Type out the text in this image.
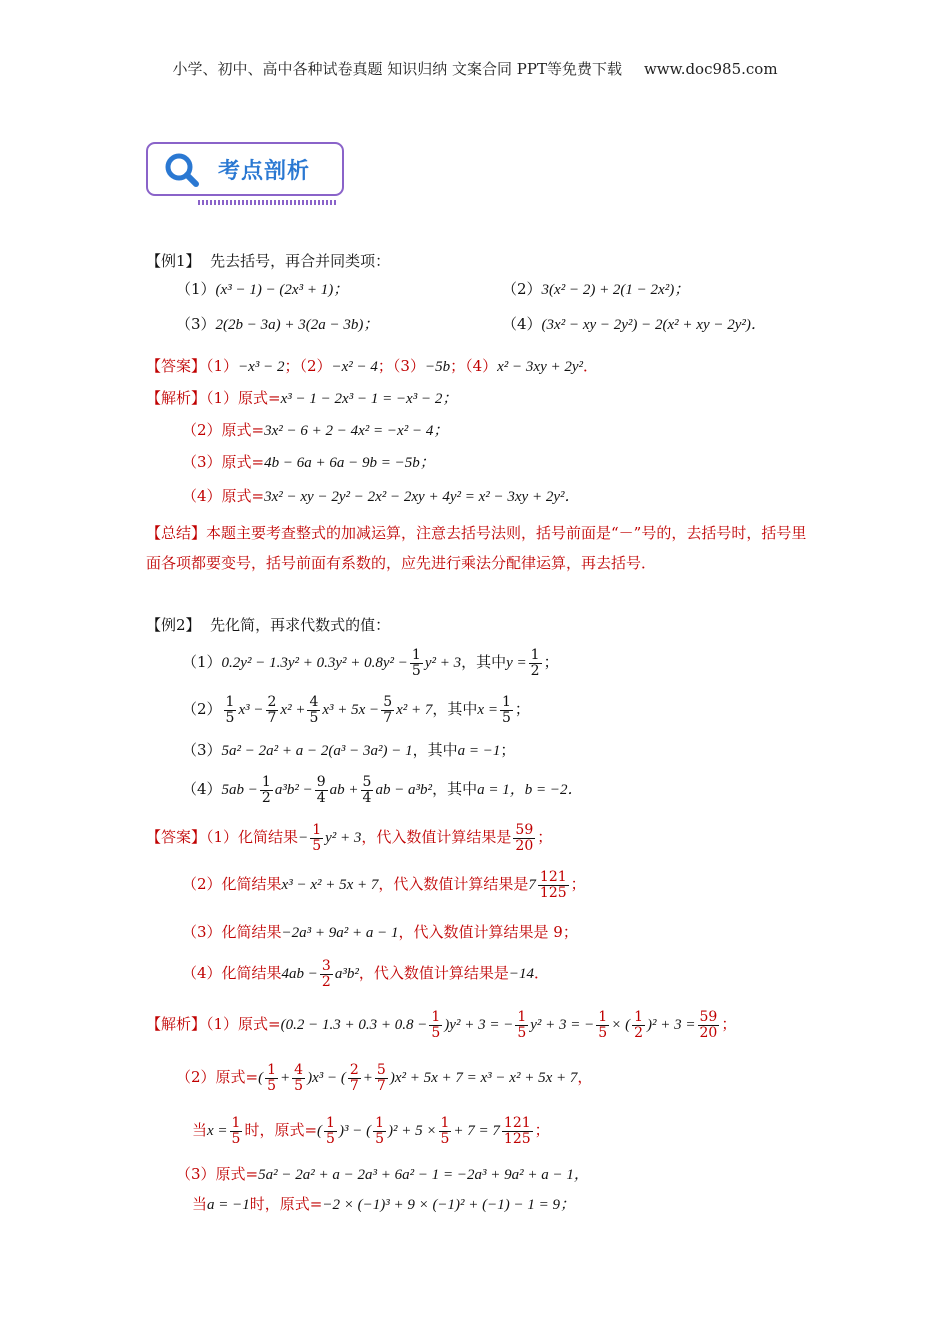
小学、初中、高中各种试卷真题 知识归纳 文案合同 PPT等免费下载 www.doc985.com
考点剖析
【例1】 先去括号，再合并同类项：
（1）(x³ − 1) − (2x³ + 1)；	（2）3(x² − 2) + 2(1 − 2x²)；
（3）2(2b − 3a) + 3(2a − 3b)；	（4）(3x² − xy − 2y²) − 2(x² + xy − 2y²)．
【答案】（1）−x³ − 2；（2）−x² − 4；（3）−5b；（4）x² − 3xy + 2y²．
【解析】（1）原式=x³ − 1 − 2x³ − 1 = −x³ − 2；
（2）原式=3x² − 6 + 2 − 4x² = −x² − 4；
（3）原式=4b − 6a + 6a − 9b = −5b；
（4）原式=3x² − xy − 2y² − 2x² − 2xy + 4y² = x² − 3xy + 2y²．
【总结】本题主要考查整式的加减运算，注意去括号法则，括号前面是“－”号的，去括号时，括号里面各项都要变号，括号前面有系数的，应先进行乘法分配律运算，再去括号．
【例2】 先化简，再求代数式的值：
$(1)0.2y^2 - 1.3y^2 + 0.3y^2 + 0.8y^2 - \frac{1}{5} y^2 + 3$，其中$y = \frac{1}{2}$ ；
$(2) \frac{1}{5} x^3 - \frac{2}{7} x^2 + \frac{4}{5} x^3 + 5x - \frac{5}{7} x^2 + 7$，其中$x = \frac{1}{5}$ ；
（3）5a² − 2a² + a − 2(a³ − 3a²) − 1，其中a = −1；
$(4)5ab - \frac{1}{2} a^3b^2 - \frac{9}{4}$ ab + $\frac{5}{4}$ ab − a³b²，其中a = 1，b = −2．
【答案】（1）化简结果− $\frac{1}{5} y^2 + 3$，代入数值计算结果是 $\frac{59}{20}$ ；
（2）化简结果x³ − x² + 5x + 7，代入数值计算结果是$7 \frac{121}{125}$ ；
（3）化简结果−2a³ + 9a² + a − 1，代入数值计算结果是 9；
（4）化简结果$4ab - \frac{3}{2} a^3b^2$，代入数值计算结果是−14．
【解析】（1）原式$=(0.2 - 1.3 + 0.3 + 0.8 - \frac{1}{5} )y^2 + 3$ = − $\frac{1}{5} y^2 + 3$ = − $\frac{1}{5}$ × ( $\frac{1}{2} )^2 + 3 = \frac{59}{20}$ ；
（2）原式=( $\frac{1}{5} + \frac{4}{5} )x^3$ − ( $\frac{2}{7} + \frac{5}{7} )x^2 + 5x + 7 = x^3 - x^2 + 5x + 7$，
当$x = \frac{1}{5}$ 时，原式=( $\frac{1}{5} )^3$ − ( $\frac{1}{5} )^2 + 5 \times \frac{1}{5} + 7 = 7 \frac{121}{125}$ ；
（3）原式=5a² − 2a² + a − 2a³ + 6a² − 1 = −2a³ + 9a² + a − 1，
当a = −1时，原式=−2 × (−1)³ + 9 × (−1)² + (−1) − 1 = 9；
